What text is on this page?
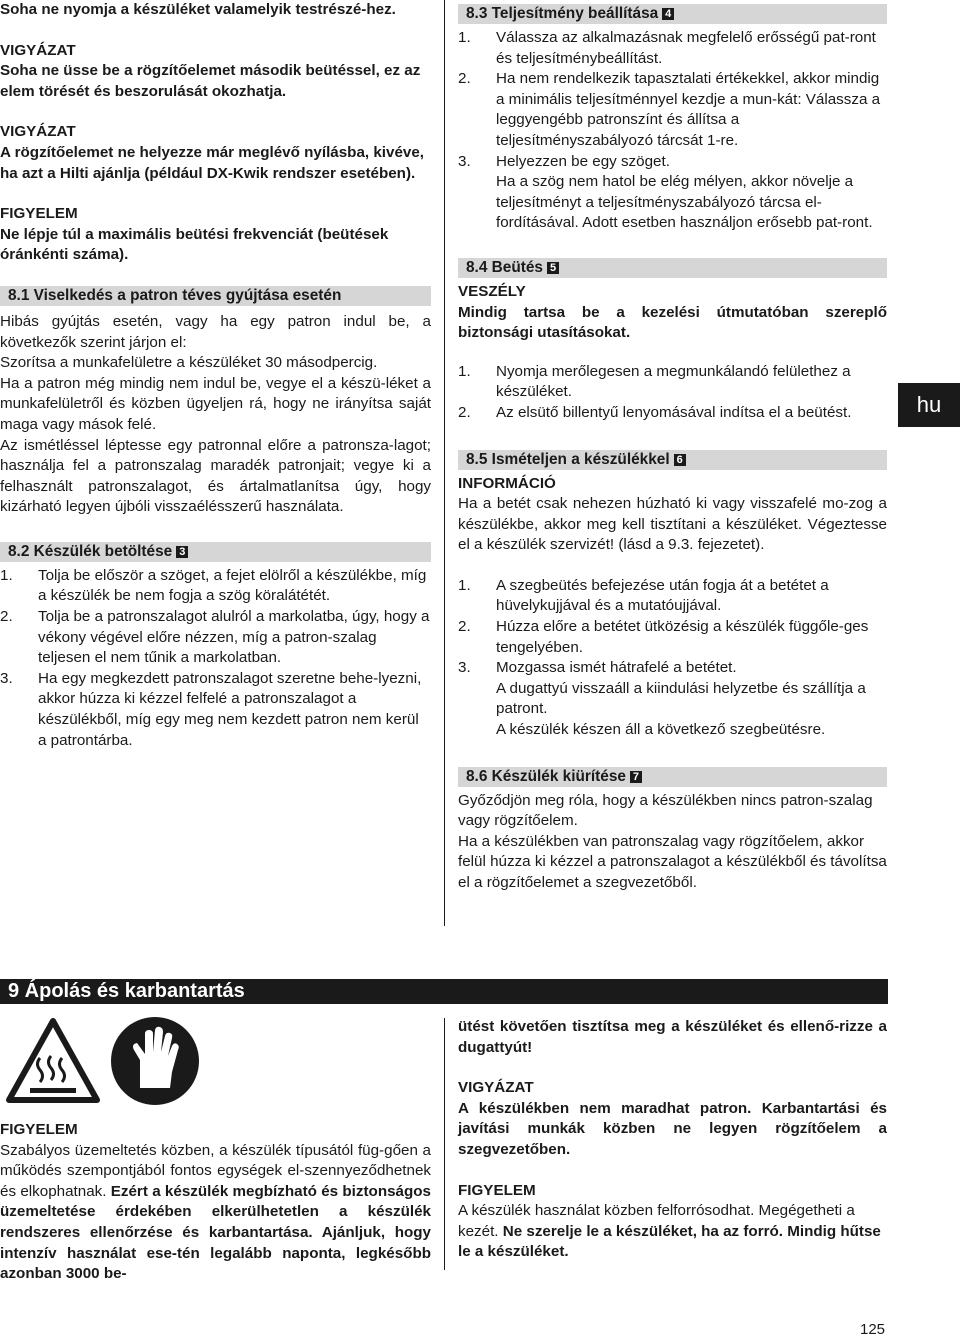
Soha ne nyomja a készüléket valamelyik testrészé-hez.

VIGYÁZAT

Soha ne üsse be a rögzítőelemet második beütéssel, ez az elem törését és beszorulását okozhatja.

VIGYÁZAT

A rögzítőelemet ne helyezze már meglévő nyílásba, kivéve, ha azt a Hilti ajánlja (például DX-Kwik rendszer esetében).

FIGYELEM

Ne lépje túl a maximális beütési frekvenciát (beütések óránkénti száma).

8.1 Viselkedés a patron téves gyújtása esetén

Hibás gyújtás esetén, vagy ha egy patron indul be, a következők szerint járjon el:

Szorítsa a munkafelületre a készüléket 30 másodpercig.

Ha a patron még mindig nem indul be, vegye el a készü-léket a munkafelületről és közben ügyeljen rá, hogy ne irányítsa saját maga vagy mások felé.

Az ismétléssel léptesse egy patronnal előre a patronsza-lagot; használja fel a patronszalag maradék patronjait; vegye ki a felhasznált patronszalagot, és ártalmatlanítsa úgy, hogy kizárható legyen újbóli visszaélésszerű használata.

8.2 Készülék betöltése 3

1. Tolja be először a szöget, a fejet elölről a készülékbe, míg a készülék be nem fogja a szög köralátétét.
2. Tolja be a patronszalagot alulról a markolatba, úgy, hogy a vékony végével előre nézzen, míg a patron-szalag teljesen el nem tűnik a markolatban.
3. Ha egy megkezdett patronszalagot szeretne behe-lyezni, akkor húzza ki kézzel felfelé a patronszalagot a készülékből, míg egy meg nem kezdett patron nem kerül a patrontárba.

8.3 Teljesítmény beállítása 4

1. Válassza az alkalmazásnak megfelelő erősségű pat-ront és teljesítménybeállítást.
2. Ha nem rendelkezik tapasztalati értékekkel, akkor mindig a minimális teljesítménnyel kezdje a mun-kát: Válassza a leggyengébb patronszínt és állítsa a teljesítményszabályozó tárcsát 1-re.
3. Helyezzen be egy szöget.

Ha a szög nem hatol be elég mélyen, akkor növelje a teljesítményt a teljesítményszabályozó tárcsa el-fordításával. Adott esetben használjon erősebb pat-ront.

8.4 Beütés 5

VESZÉLY

Mindig tartsa be a kezelési útmutatóban szereplő biztonsági utasításokat.

1. Nyomja merőlegesen a megmunkálandó felülethez a készüléket.
2. Az elsütő billentyű lenyomásával indítsa el a beütést.

8.5 Ismételjen a készülékkel 6

INFORMÁCIÓ

Ha a betét csak nehezen húzható ki vagy visszafelé mo-zog a készülékbe, akkor meg kell tisztítani a készüléket. Végeztesse el a készülék szervizét! (lásd a 9.3. fejezetet).

1. A szegbeütés befejezése után fogja át a betétet a hüvelykujjával és a mutatóujjával.
2. Húzza előre a betétet ütközésig a készülék függőle-ges tengelyében.
3. Mozgassa ismét hátrafelé a betétet.

A dugattyú visszaáll a kiindulási helyzetbe és szállítja a patront.

A készülék készen áll a következő szegbeütésre.

8.6 Készülék kiürítése 7

Győződjön meg róla, hogy a készülékben nincs patron-szalag vagy rögzítőelem.

Ha a készülékben van patronszalag vagy rögzítőelem, akkor felül húzza ki kézzel a patronszalagot a készülékből és távolítsa el a rögzítőelemet a szegvezetőből.

hu
9 Ápolás és karbantartás

FIGYELEM

Szabályos üzemeltetés közben, a készülék típusától füg-gően a működés szempontjából fontos egységek el-szennyeződhetnek és elkophatnak. Ezért a készülék megbízható és biztonságos üzemeltetése érdekében elkerülhetetlen a készülék rendszeres ellenőrzése és karbantartása. Ajánljuk, hogy intenzív használat ese-tén legalább naponta, legkésőbb azonban 3000 be-

ütést követően tisztítsa meg a készüléket és ellenő-rizze a dugattyút!

VIGYÁZAT

A készülékben nem maradhat patron. Karbantartási és javítási munkák közben ne legyen rögzítőelem a szegvezetőben.

FIGYELEM

A készülék használat közben felforrósodhat. Megégetheti a kezét. Ne szerelje le a készüléket, ha az forró. Mindig hűtse le a készüléket.

125
